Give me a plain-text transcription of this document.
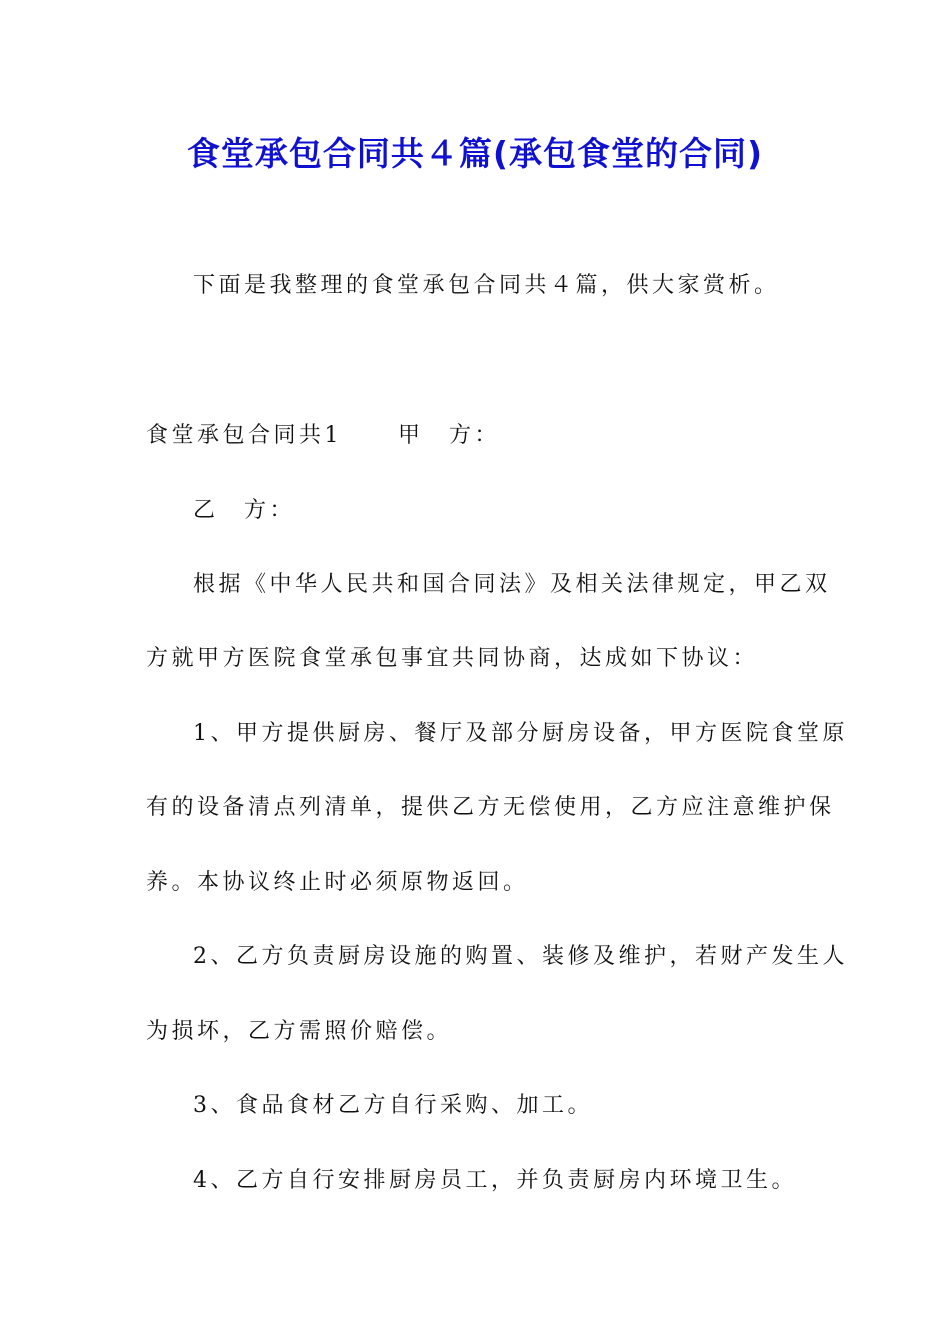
食堂承包合同共４篇(承包食堂的合同)
下面是我整理的食堂承包合同共４篇，供大家赏析。
食堂承包合同共1	甲　方：
乙　方：
根据《中华人民共和国合同法》及相关法律规定，甲乙双
方就甲方医院食堂承包事宜共同协商，达成如下协议：
1、甲方提供厨房、餐厅及部分厨房设备，甲方医院食堂原
有的设备清点列清单，提供乙方无偿使用，乙方应注意维护保
养。本协议终止时必须原物返回。
2、乙方负责厨房设施的购置、装修及维护，若财产发生人
为损坏，乙方需照价赔偿。
3、食品食材乙方自行采购、加工。
4、乙方自行安排厨房员工，并负责厨房内环境卫生。
